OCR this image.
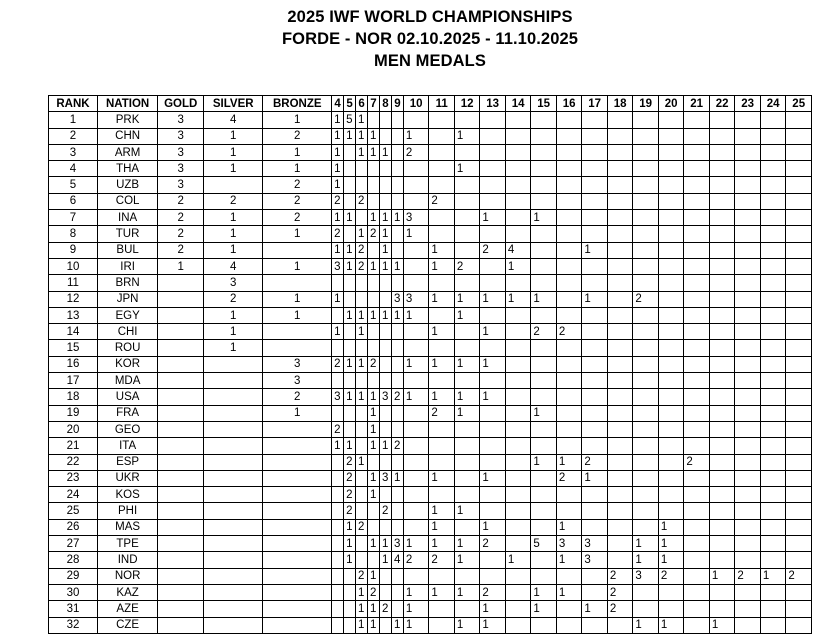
2025 IWF WORLD CHAMPIONSHIPS
FORDE - NOR 02.10.2025 - 11.10.2025
MEN MEDALS
RANK	NATION	GOLD	SILVER	BRONZE	4	5	6	7	8	9	10	11	12	13	14	15	16	17	18	19	20	21	22	23	24	25
1	PRK	3	4	1	1	5	1																			
2	CHN	3	1	2	1	1	1	1			1		1													
3	ARM	3	1	1	1		1	1	1		2															
4	THA	3	1	1	1								1													
5	UZB	3		2	1																					
6	COL	2	2	2	2		2					2														
7	INA	2	1	2	1	1		1	1	1	3			1		1										
8	TUR	2	1	1	2		1	2	1		1															
9	BUL	2	1		1	1	2		1			1		2	4			1								
10	IRI	1	4	1	3	1	2	1	1	1		1	2		1											
11	BRN		3																							
12	JPN		2	1	1					3	3	1	1	1	1	1		1		2						
13	EGY		1	1		1	1	1	1	1	1		1													
14	CHI		1		1		1					1		1		2	2									
15	ROU		1																							
16	KOR			3	2	1	1	2			1	1	1	1												
17	MDA			3																						
18	USA			2	3	1	1	1	3	2	1	1	1	1												
19	FRA			1				1				2	1			1										
20	GEO				2			1																		
21	ITA				1	1		1	1	2																
22	ESP					2	1									1	1	2				2				
23	UKR					2		1	3	1		1		1			2	1								
24	KOS					2		1																		
25	PHI					2			2			1	1													
26	MAS					1	2					1		1			1				1					
27	TPE					1		1	1	3	1	1	1	2		5	3	3		1	1					
28	IND					1			1	4	2	2	1		1		1	3		1	1					
29	NOR						2	1											2	3	2		1	2	1	2
30	KAZ						1	2			1	1	1	2		1	1		2							
31	AZE						1	1	2		1			1		1		1	2							
32	CZE						1	1		1	1		1	1						1	1		1			
